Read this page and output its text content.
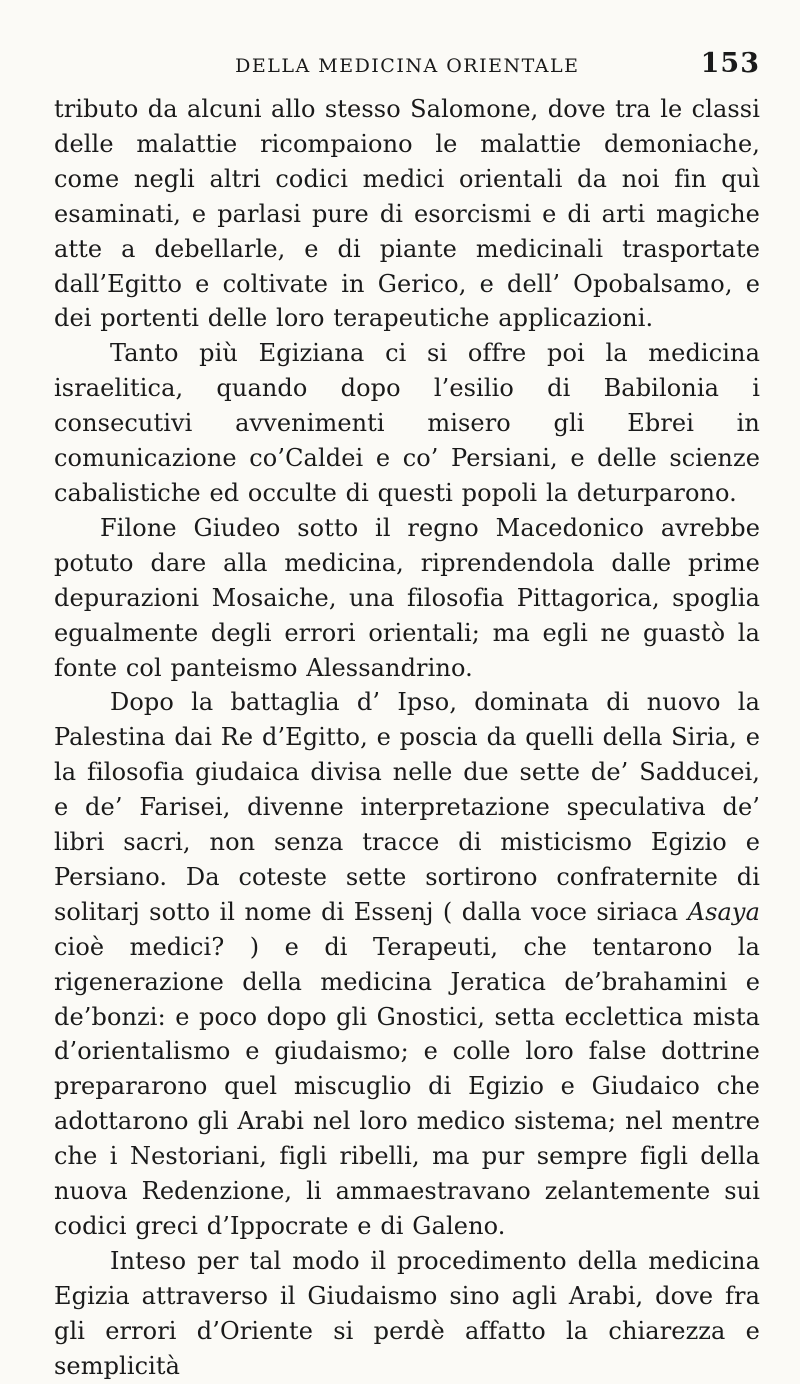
DELLA MEDICINA ORIENTALE	153

tributo da alcuni allo stesso Salomone, dove tra le classi delle malattie ricompaiono le malattie demoniache, come negli altri codici medici orientali da noi fin quì esaminati, e parlasi pure di esorcismi e di arti magiche atte a debellarle, e di piante medicinali trasportate dall’Egitto e coltivate in Gerico, e dell’ Opobalsamo, e dei portenti delle loro terapeutiche applicazioni.

Tanto più Egiziana ci si offre poi la medicina israelitica, quando dopo l’esilio di Babilonia i consecutivi avvenimenti misero gli Ebrei in comunicazione co’Caldei e co’ Persiani, e delle scienze cabalistiche ed occulte di questi popoli la deturparono.

Filone Giudeo sotto il regno Macedonico avrebbe potuto dare alla medicina, riprendendola dalle prime depurazioni Mosaiche, una filosofia Pittagorica, spoglia egualmente degli errori orientali; ma egli ne guastò la fonte col panteismo Alessandrino.

Dopo la battaglia d’ Ipso, dominata di nuovo la Palestina dai Re d’Egitto, e poscia da quelli della Siria, e la filosofia giudaica divisa nelle due sette de’ Sadducei, e de’ Farisei, divenne interpretazione speculativa de’ libri sacri, non senza tracce di misticismo Egizio e Persiano. Da coteste sette sortirono confraternite di solitarj sotto il nome di Essenj ( dalla voce siriaca Asaya cioè medici? ) e di Terapeuti, che tentarono la rigenerazione della medicina Jeratica de’brahamini e de’bonzi: e poco dopo gli Gnostici, setta ecclettica mista d’orientalismo e giudaismo; e colle loro false dottrine prepararono quel miscuglio di Egizio e Giudaico che adottarono gli Arabi nel loro medico sistema; nel mentre che i Nestoriani, figli ribelli, ma pur sempre figli della nuova Redenzione, li ammaestravano zelantemente sui codici greci d’Ippocrate e di Galeno.

Inteso per tal modo il procedimento della medicina Egizia attraverso il Giudaismo sino agli Arabi, dove fra gli errori d’Oriente si perdè affatto la chiarezza e semplicità
